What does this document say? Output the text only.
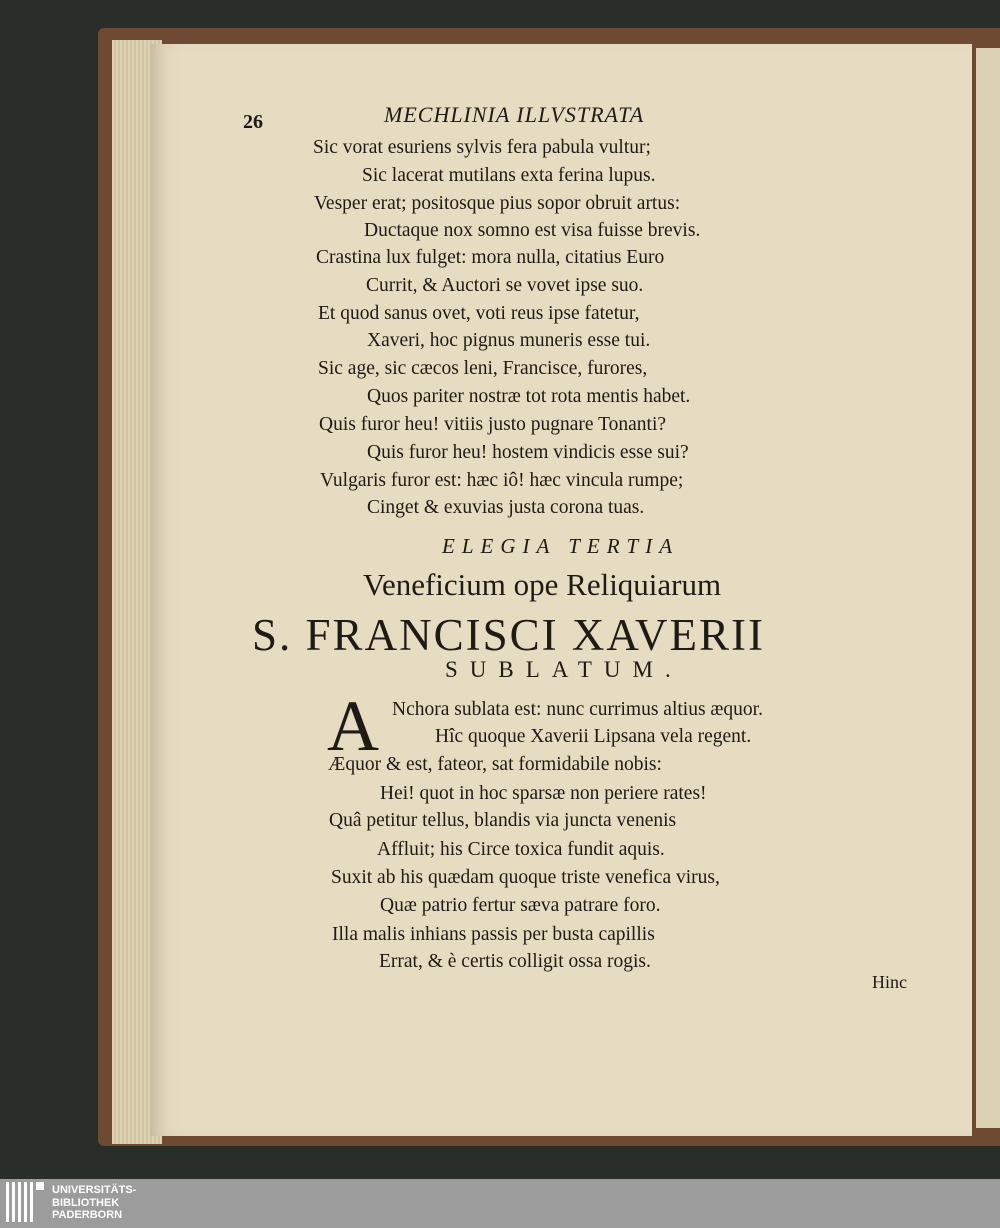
26	MECHLINIA ILLVSTRATA
Sic vorat esuriens sylvis fera pabula vultur;
Sic lacerat mutilans exta ferina lupus.
Vesper erat; positosque pius sopor obruit artus:
Ductaque nox somno est visa fuisse brevis.
Crastina lux fulget: mora nulla, citatius Euro
Currit, & Auctori se vovet ipse suo.
Et quod sanus ovet, voti reus ipse fatetur,
Xaveri, hoc pignus muneris esse tui.
Sic age, sic cæcos leni, Francisce, furores,
Quos pariter nostræ tot rota mentis habet.
Quis furor heu! vitiis justo pugnare Tonanti?
Quis furor heu! hostem vindicis esse sui?
Vulgaris furor est: hæc iô! hæc vincula rumpe;
Cinget & exuvias justa corona tuas.
ELEGIA TERTIA
Veneficium ope Reliquiarum
S. FRANCISCI XAVERII
SUBLATUM.
A Nchora sublata est: nunc currimus altius æquor.
Hîc quoque Xaverii Lipsana vela regent.
Æquor & est, fateor, sat formidabile nobis:
Hei! quot in hoc sparsæ non periere rates!
Quâ petitur tellus, blandis via juncta venenis
Affluit; his Circe toxica fundit aquis.
Suxit ab his quædam quoque triste venefica virus,
Quæ patrio fertur sæva patrare foro.
Illa malis inhians passis per busta capillis
Errat, & è certis colligit ossa rogis.
Hinc
UNIVERSITÄTS-
BIBLIOTHEK
PADERBORN
